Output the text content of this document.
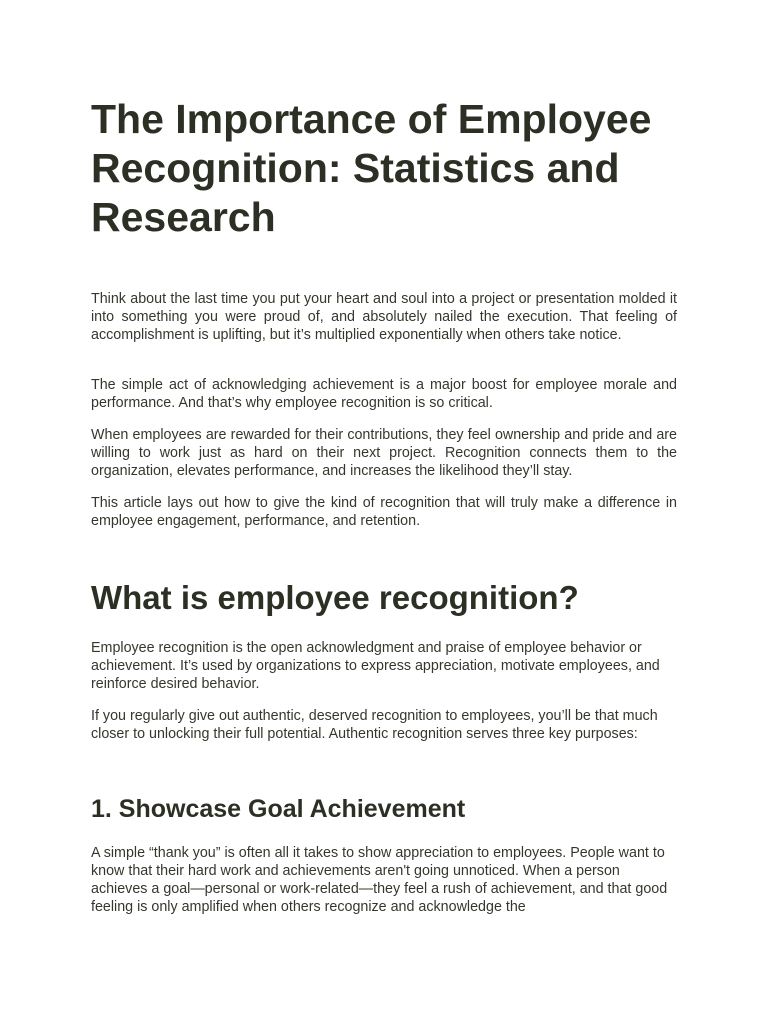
The Importance of Employee Recognition: Statistics and Research

Think about the last time you put your heart and soul into a project or presentation molded it into something you were proud of, and absolutely nailed the execution. That feeling of accomplishment is uplifting, but it’s multiplied exponentially when others take notice.

The simple act of acknowledging achievement is a major boost for employee morale and performance. And that’s why employee recognition is so critical.

When employees are rewarded for their contributions, they feel ownership and pride and are willing to work just as hard on their next project. Recognition connects them to the organization, elevates performance, and increases the likelihood they’ll stay.

This article lays out how to give the kind of recognition that will truly make a difference in employee engagement, performance, and retention.

What is employee recognition?

Employee recognition is the open acknowledgment and praise of employee behavior or achievement. It’s used by organizations to express appreciation, motivate employees, and reinforce desired behavior.

If you regularly give out authentic, deserved recognition to employees, you’ll be that much closer to unlocking their full potential. Authentic recognition serves three key purposes:

1. Showcase Goal Achievement

A simple “thank you” is often all it takes to show appreciation to employees. People want to know that their hard work and achievements aren't going unnoticed. When a person achieves a goal—personal or work-related—they feel a rush of achievement, and that good feeling is only amplified when others recognize and acknowledge the
